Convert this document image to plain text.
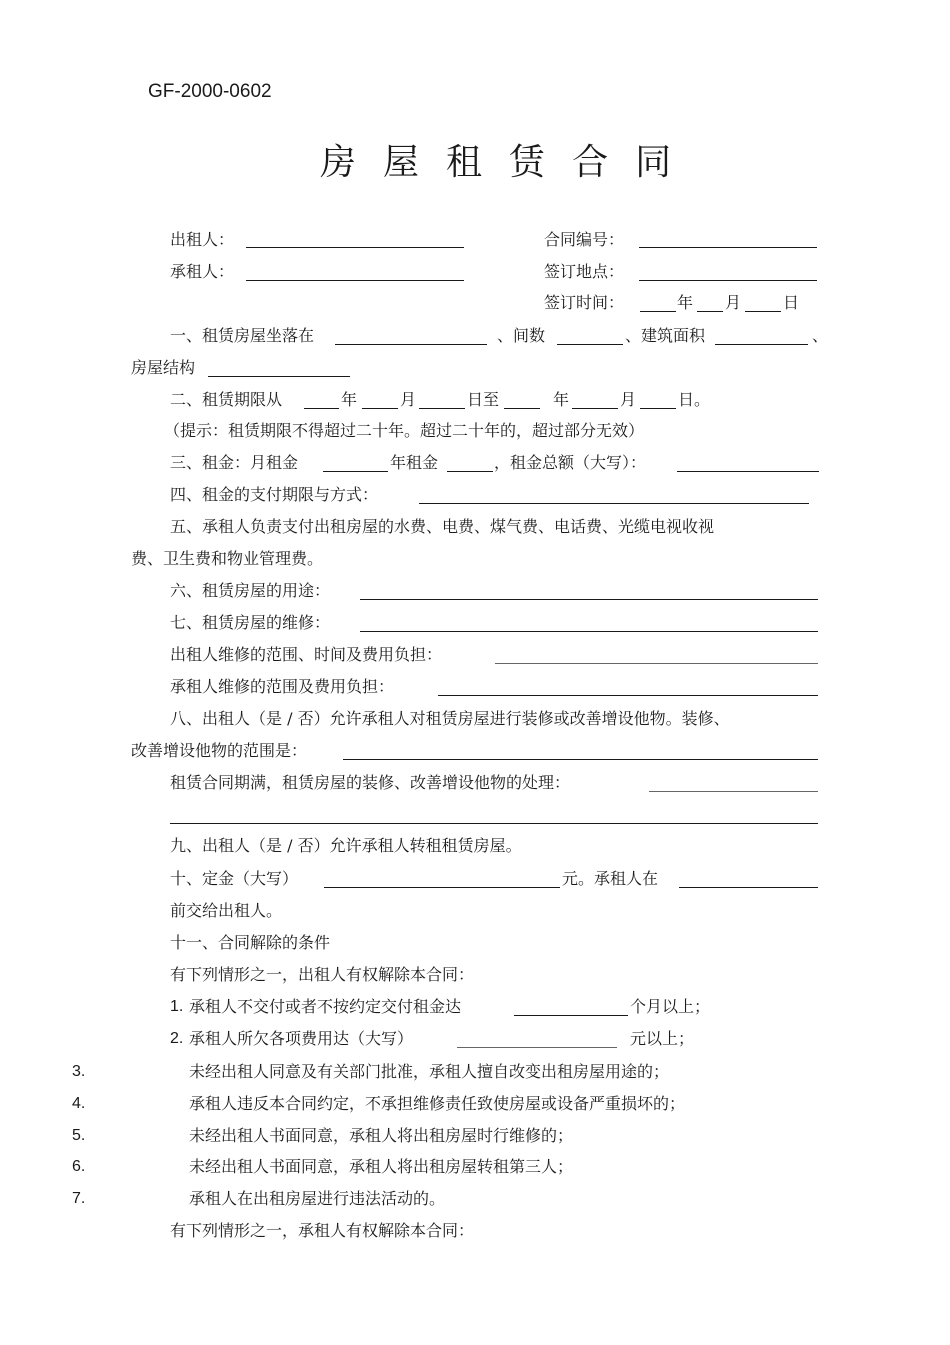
GF-2000-0602
房 屋 租 赁 合 同
出租人：	合同编号：
承租人：	签订地点：
签订时间：	年 月	日
一、租赁房屋坐落在	、间数	、建筑面积	、
房屋结构
二、租赁期限从	年	月	日至	年	月	日。
（提示：租赁期限不得超过二十年。超过二十年的，超过部分无效）
三、租金：月租金	年租金	，租金总额（大写）：
四、租金的支付期限与方式：
五、承租人负责支付出租房屋的水费、电费、煤气费、电话费、光缆电视收视
费、卫生费和物业管理费。
六、租赁房屋的用途：
七、租赁房屋的维修：
出租人维修的范围、时间及费用负担：
承租人维修的范围及费用负担：
八、出租人（是 / 否）允许承租人对租赁房屋进行装修或改善增设他物。装修、
改善增设他物的范围是：
租赁合同期满，租赁房屋的装修、改善增设他物的处理：
九、出租人（是 / 否）允许承租人转租租赁房屋。
十、定金（大写）	元。承租人在
前交给出租人。
十一、合同解除的条件
有下列情形之一，出租人有权解除本合同：
1. 承租人不交付或者不按约定交付租金达	个月以上；
2. 承租人所欠各项费用达（大写）	元以上；
3.	未经出租人同意及有关部门批准，承租人擅自改变出租房屋用途的；
4.	承租人违反本合同约定，不承担维修责任致使房屋或设备严重损坏的；
5.	未经出租人书面同意，承租人将出租房屋时行维修的；
6.	未经出租人书面同意，承租人将出租房屋转租第三人；
7.	承租人在出租房屋进行违法活动的。
有下列情形之一，承租人有权解除本合同：
